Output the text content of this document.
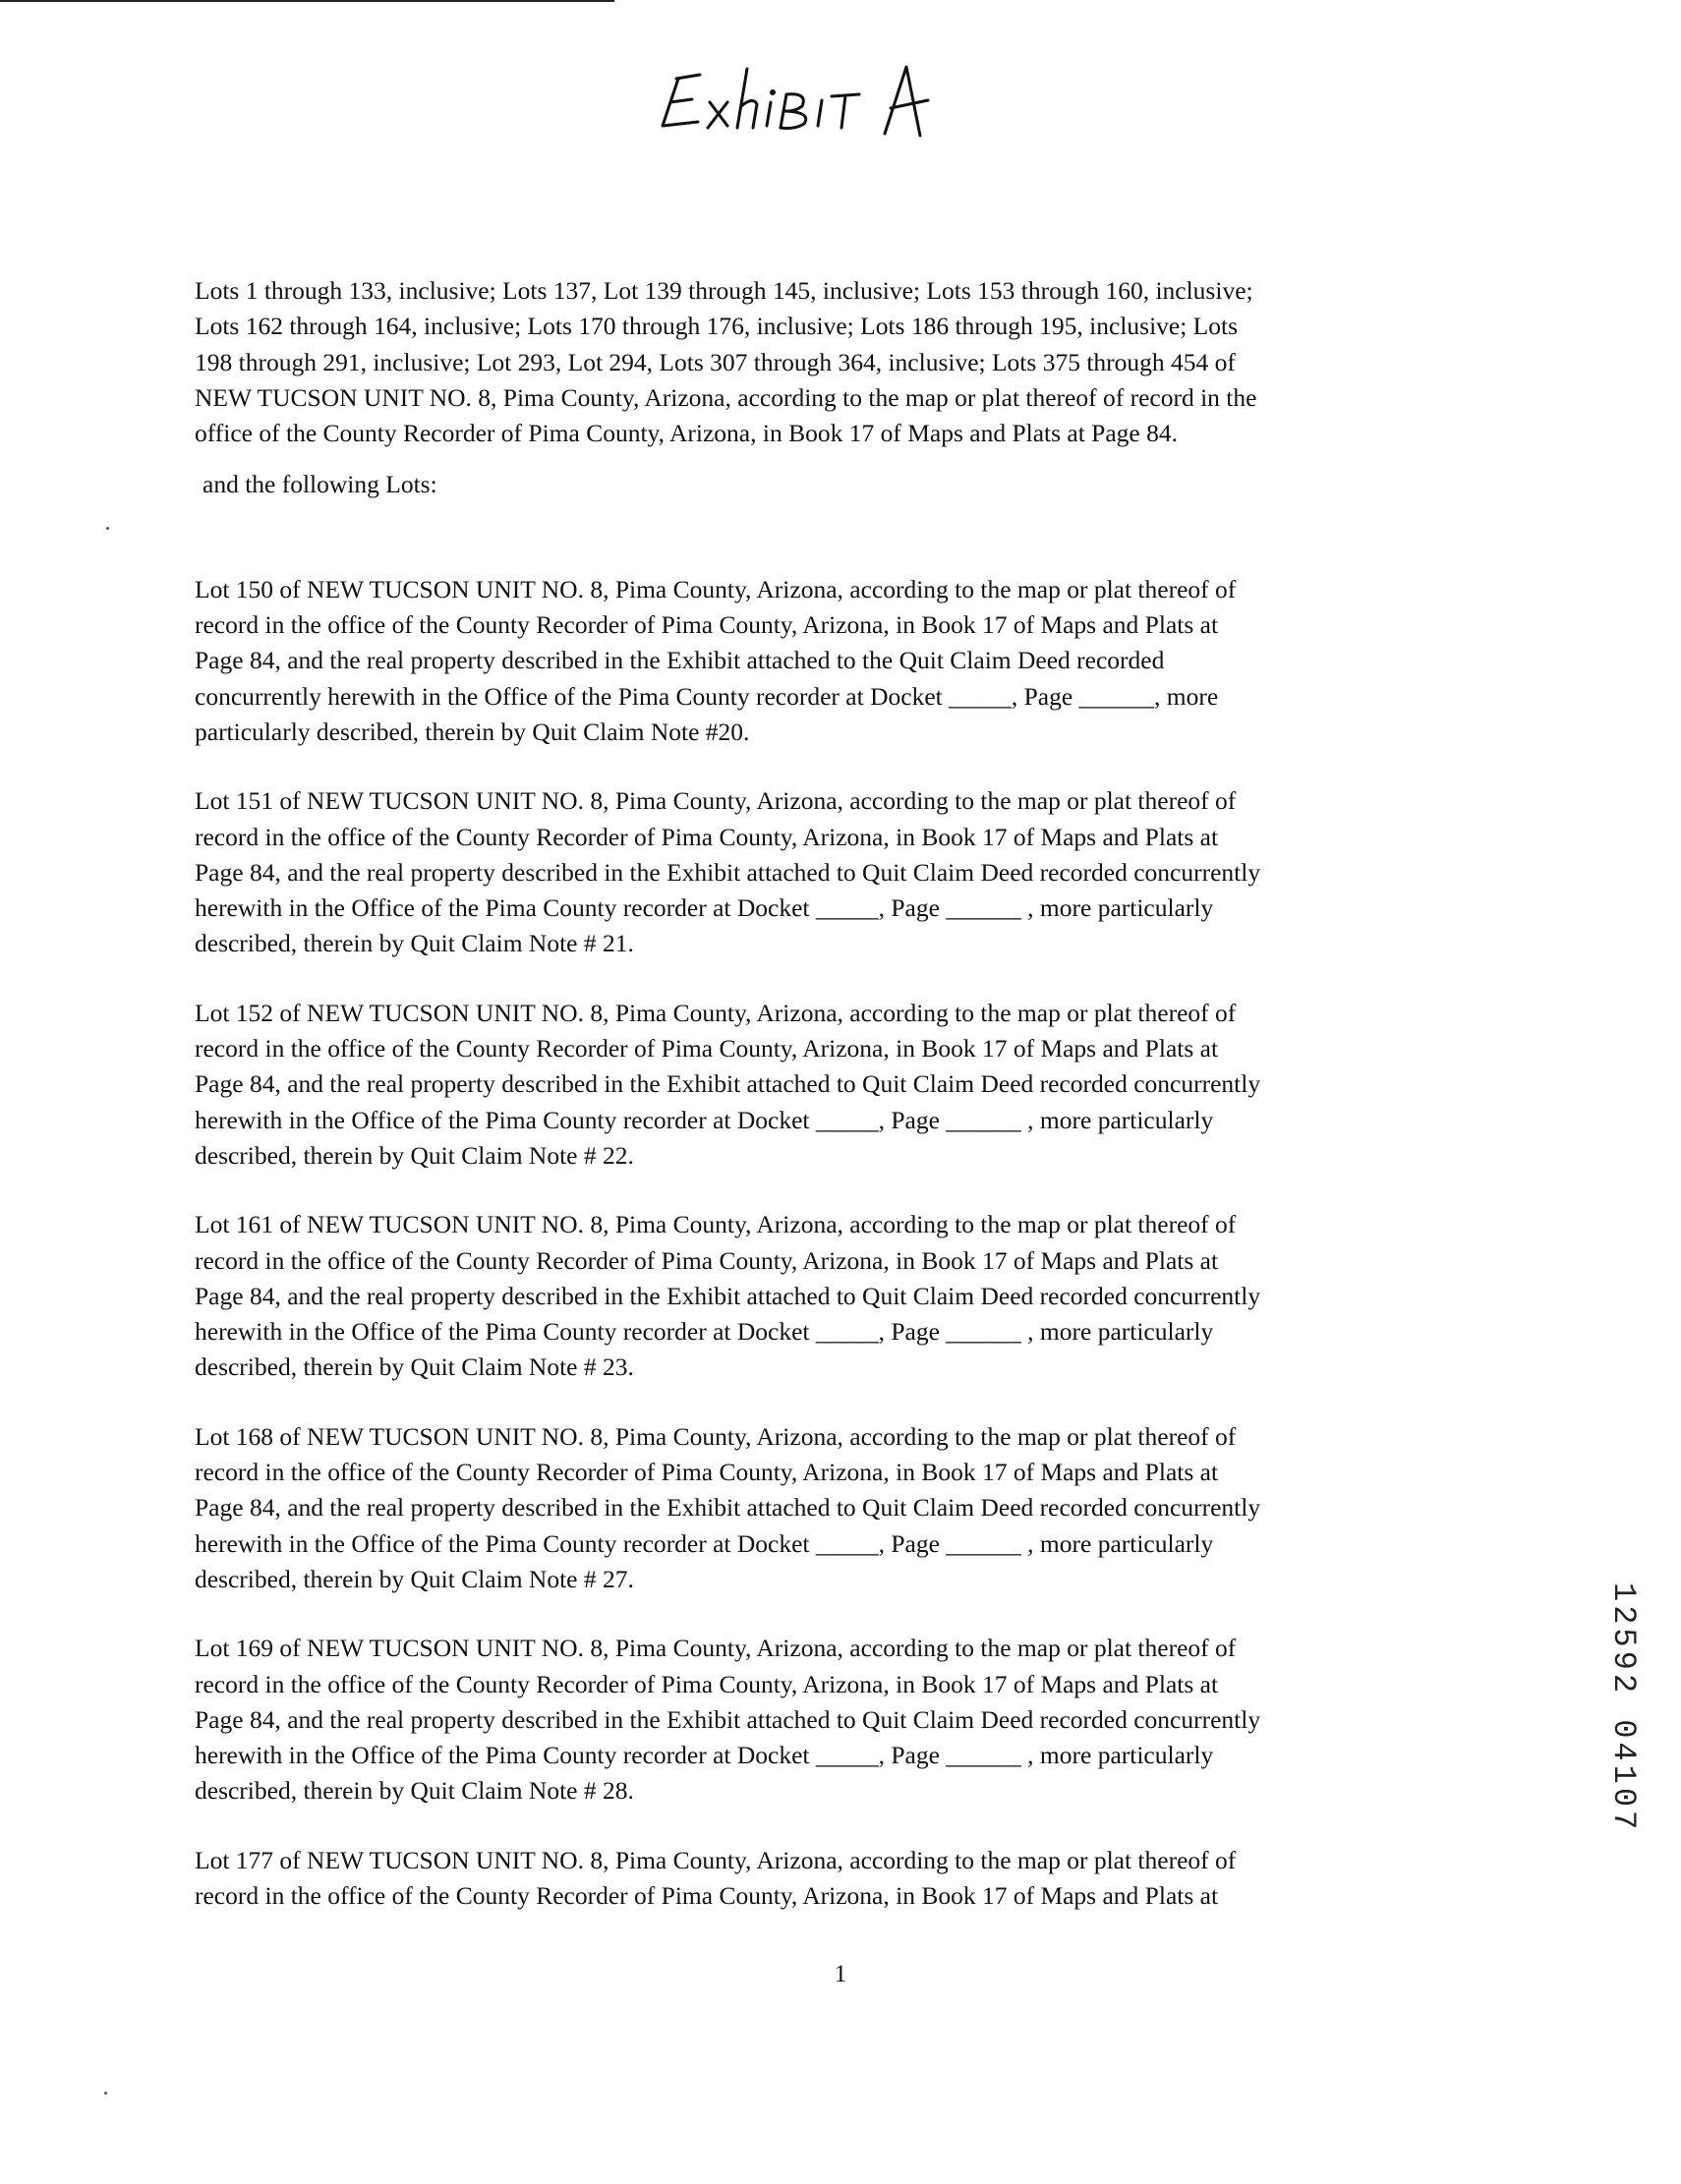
Lots 1 through 133, inclusive; Lots 137, Lot 139 through 145, inclusive; Lots 153 through 160, inclusive;
Lots 162 through 164, inclusive; Lots 170 through 176, inclusive; Lots 186 through 195, inclusive; Lots
198 through 291, inclusive; Lot 293, Lot 294, Lots 307 through 364, inclusive; Lots 375 through 454 of
NEW TUCSON UNIT NO. 8, Pima County, Arizona, according to the map or plat thereof of record in the
office of the County Recorder of Pima County, Arizona, in Book 17 of Maps and Plats at Page 84.

and the following Lots:

Lot 150 of NEW TUCSON UNIT NO. 8, Pima County, Arizona, according to the map or plat thereof of
record in the office of the County Recorder of Pima County, Arizona, in Book 17 of Maps and Plats at
Page 84, and the real property described in the Exhibit attached to the Quit Claim Deed recorded
concurrently herewith in the Office of the Pima County recorder at Docket _____, Page ______, more
particularly described, therein by Quit Claim Note #20.

Lot 151 of NEW TUCSON UNIT NO. 8, Pima County, Arizona, according to the map or plat thereof of
record in the office of the County Recorder of Pima County, Arizona, in Book 17 of Maps and Plats at
Page 84, and the real property described in the Exhibit attached to Quit Claim Deed recorded concurrently
herewith in the Office of the Pima County recorder at Docket _____, Page ______ , more particularly
described, therein by Quit Claim Note # 21.

Lot 152 of NEW TUCSON UNIT NO. 8, Pima County, Arizona, according to the map or plat thereof of
record in the office of the County Recorder of Pima County, Arizona, in Book 17 of Maps and Plats at
Page 84, and the real property described in the Exhibit attached to Quit Claim Deed recorded concurrently
herewith in the Office of the Pima County recorder at Docket _____, Page ______ , more particularly
described, therein by Quit Claim Note # 22.

Lot 161 of NEW TUCSON UNIT NO. 8, Pima County, Arizona, according to the map or plat thereof of
record in the office of the County Recorder of Pima County, Arizona, in Book 17 of Maps and Plats at
Page 84, and the real property described in the Exhibit attached to Quit Claim Deed recorded concurrently
herewith in the Office of the Pima County recorder at Docket _____, Page ______ , more particularly
described, therein by Quit Claim Note # 23.

Lot 168 of NEW TUCSON UNIT NO. 8, Pima County, Arizona, according to the map or plat thereof of
record in the office of the County Recorder of Pima County, Arizona, in Book 17 of Maps and Plats at
Page 84, and the real property described in the Exhibit attached to Quit Claim Deed recorded concurrently
herewith in the Office of the Pima County recorder at Docket _____, Page ______ , more particularly
described, therein by Quit Claim Note # 27.

Lot 169 of NEW TUCSON UNIT NO. 8, Pima County, Arizona, according to the map or plat thereof of
record in the office of the County Recorder of Pima County, Arizona, in Book 17 of Maps and Plats at
Page 84, and the real property described in the Exhibit attached to Quit Claim Deed recorded concurrently
herewith in the Office of the Pima County recorder at Docket _____, Page ______ , more particularly
described, therein by Quit Claim Note # 28.

Lot 177 of NEW TUCSON UNIT NO. 8, Pima County, Arizona, according to the map or plat thereof of
record in the office of the County Recorder of Pima County, Arizona, in Book 17 of Maps and Plats at

1
12592 04107
